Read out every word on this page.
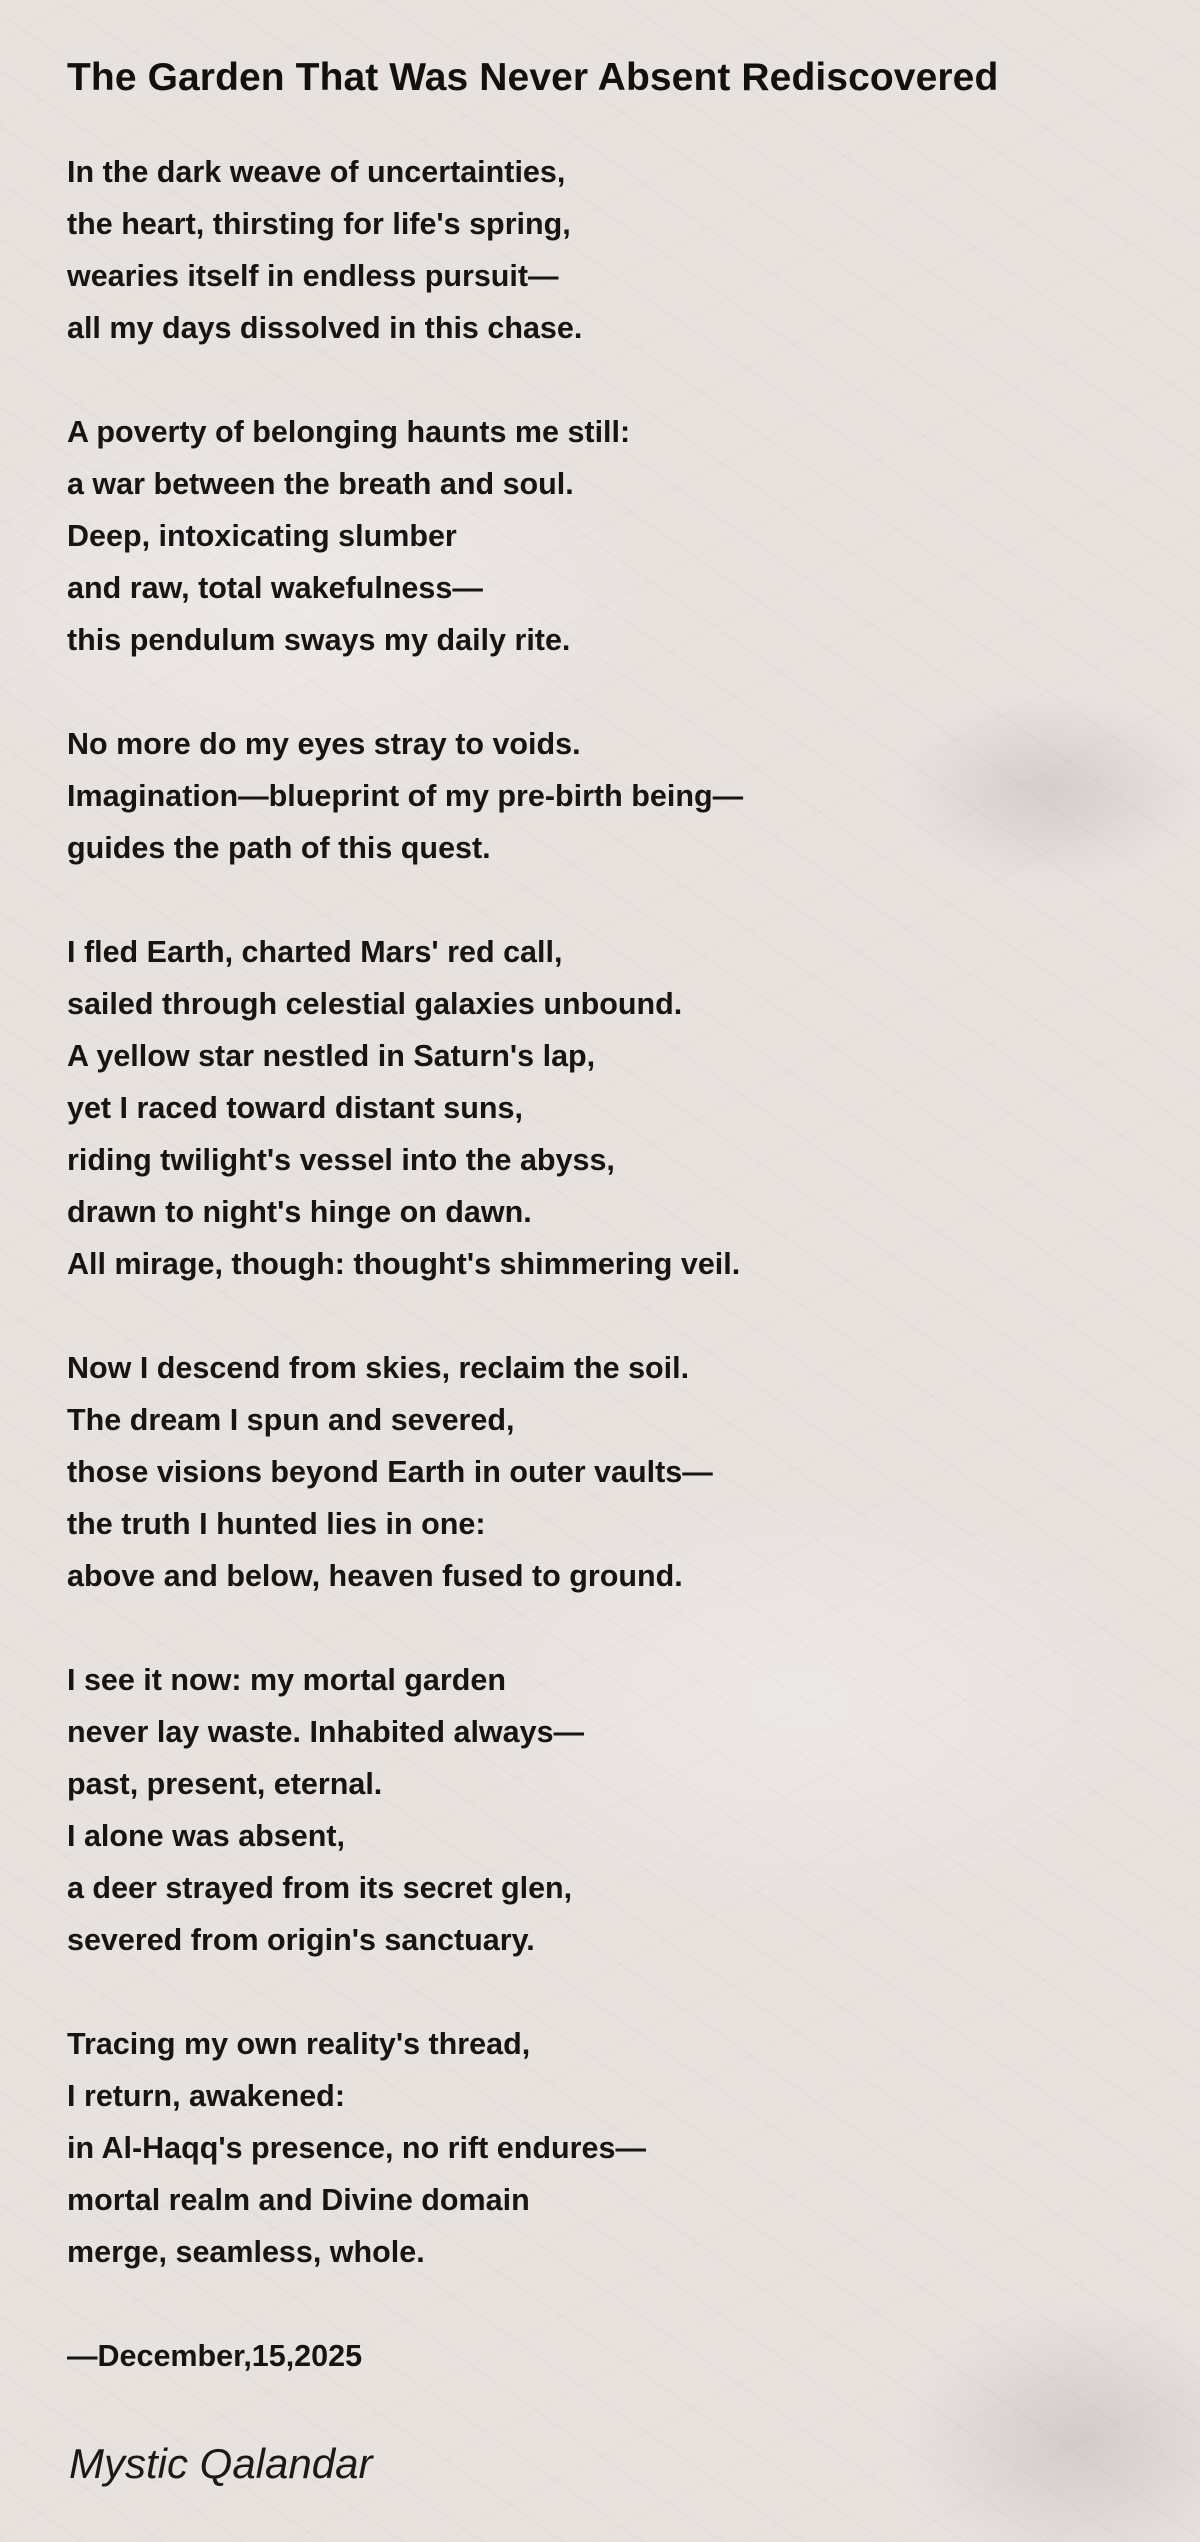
The Garden That Was Never Absent Rediscovered
In the dark weave of uncertainties,
the heart, thirsting for life's spring,
wearies itself in endless pursuit—
all my days dissolved in this chase.
A poverty of belonging haunts me still:
a war between the breath and soul.
Deep, intoxicating slumber
and raw, total wakefulness—
this pendulum sways my daily rite.
No more do my eyes stray to voids.
Imagination—blueprint of my pre-birth being—
guides the path of this quest.
I fled Earth, charted Mars' red call,
sailed through celestial galaxies unbound.
A yellow star nestled in Saturn's lap,
yet I raced toward distant suns,
riding twilight's vessel into the abyss,
drawn to night's hinge on dawn.
All mirage, though: thought's shimmering veil.
Now I descend from skies, reclaim the soil.
The dream I spun and severed,
those visions beyond Earth in outer vaults—
the truth I hunted lies in one:
above and below, heaven fused to ground.
I see it now: my mortal garden
never lay waste. Inhabited always—
past, present, eternal.
I alone was absent,
a deer strayed from its secret glen,
severed from origin's sanctuary.
Tracing my own reality's thread,
I return, awakened:
in Al-Haqq's presence, no rift endures—
mortal realm and Divine domain
merge, seamless, whole.
—December,15,2025
Mystic Qalandar
